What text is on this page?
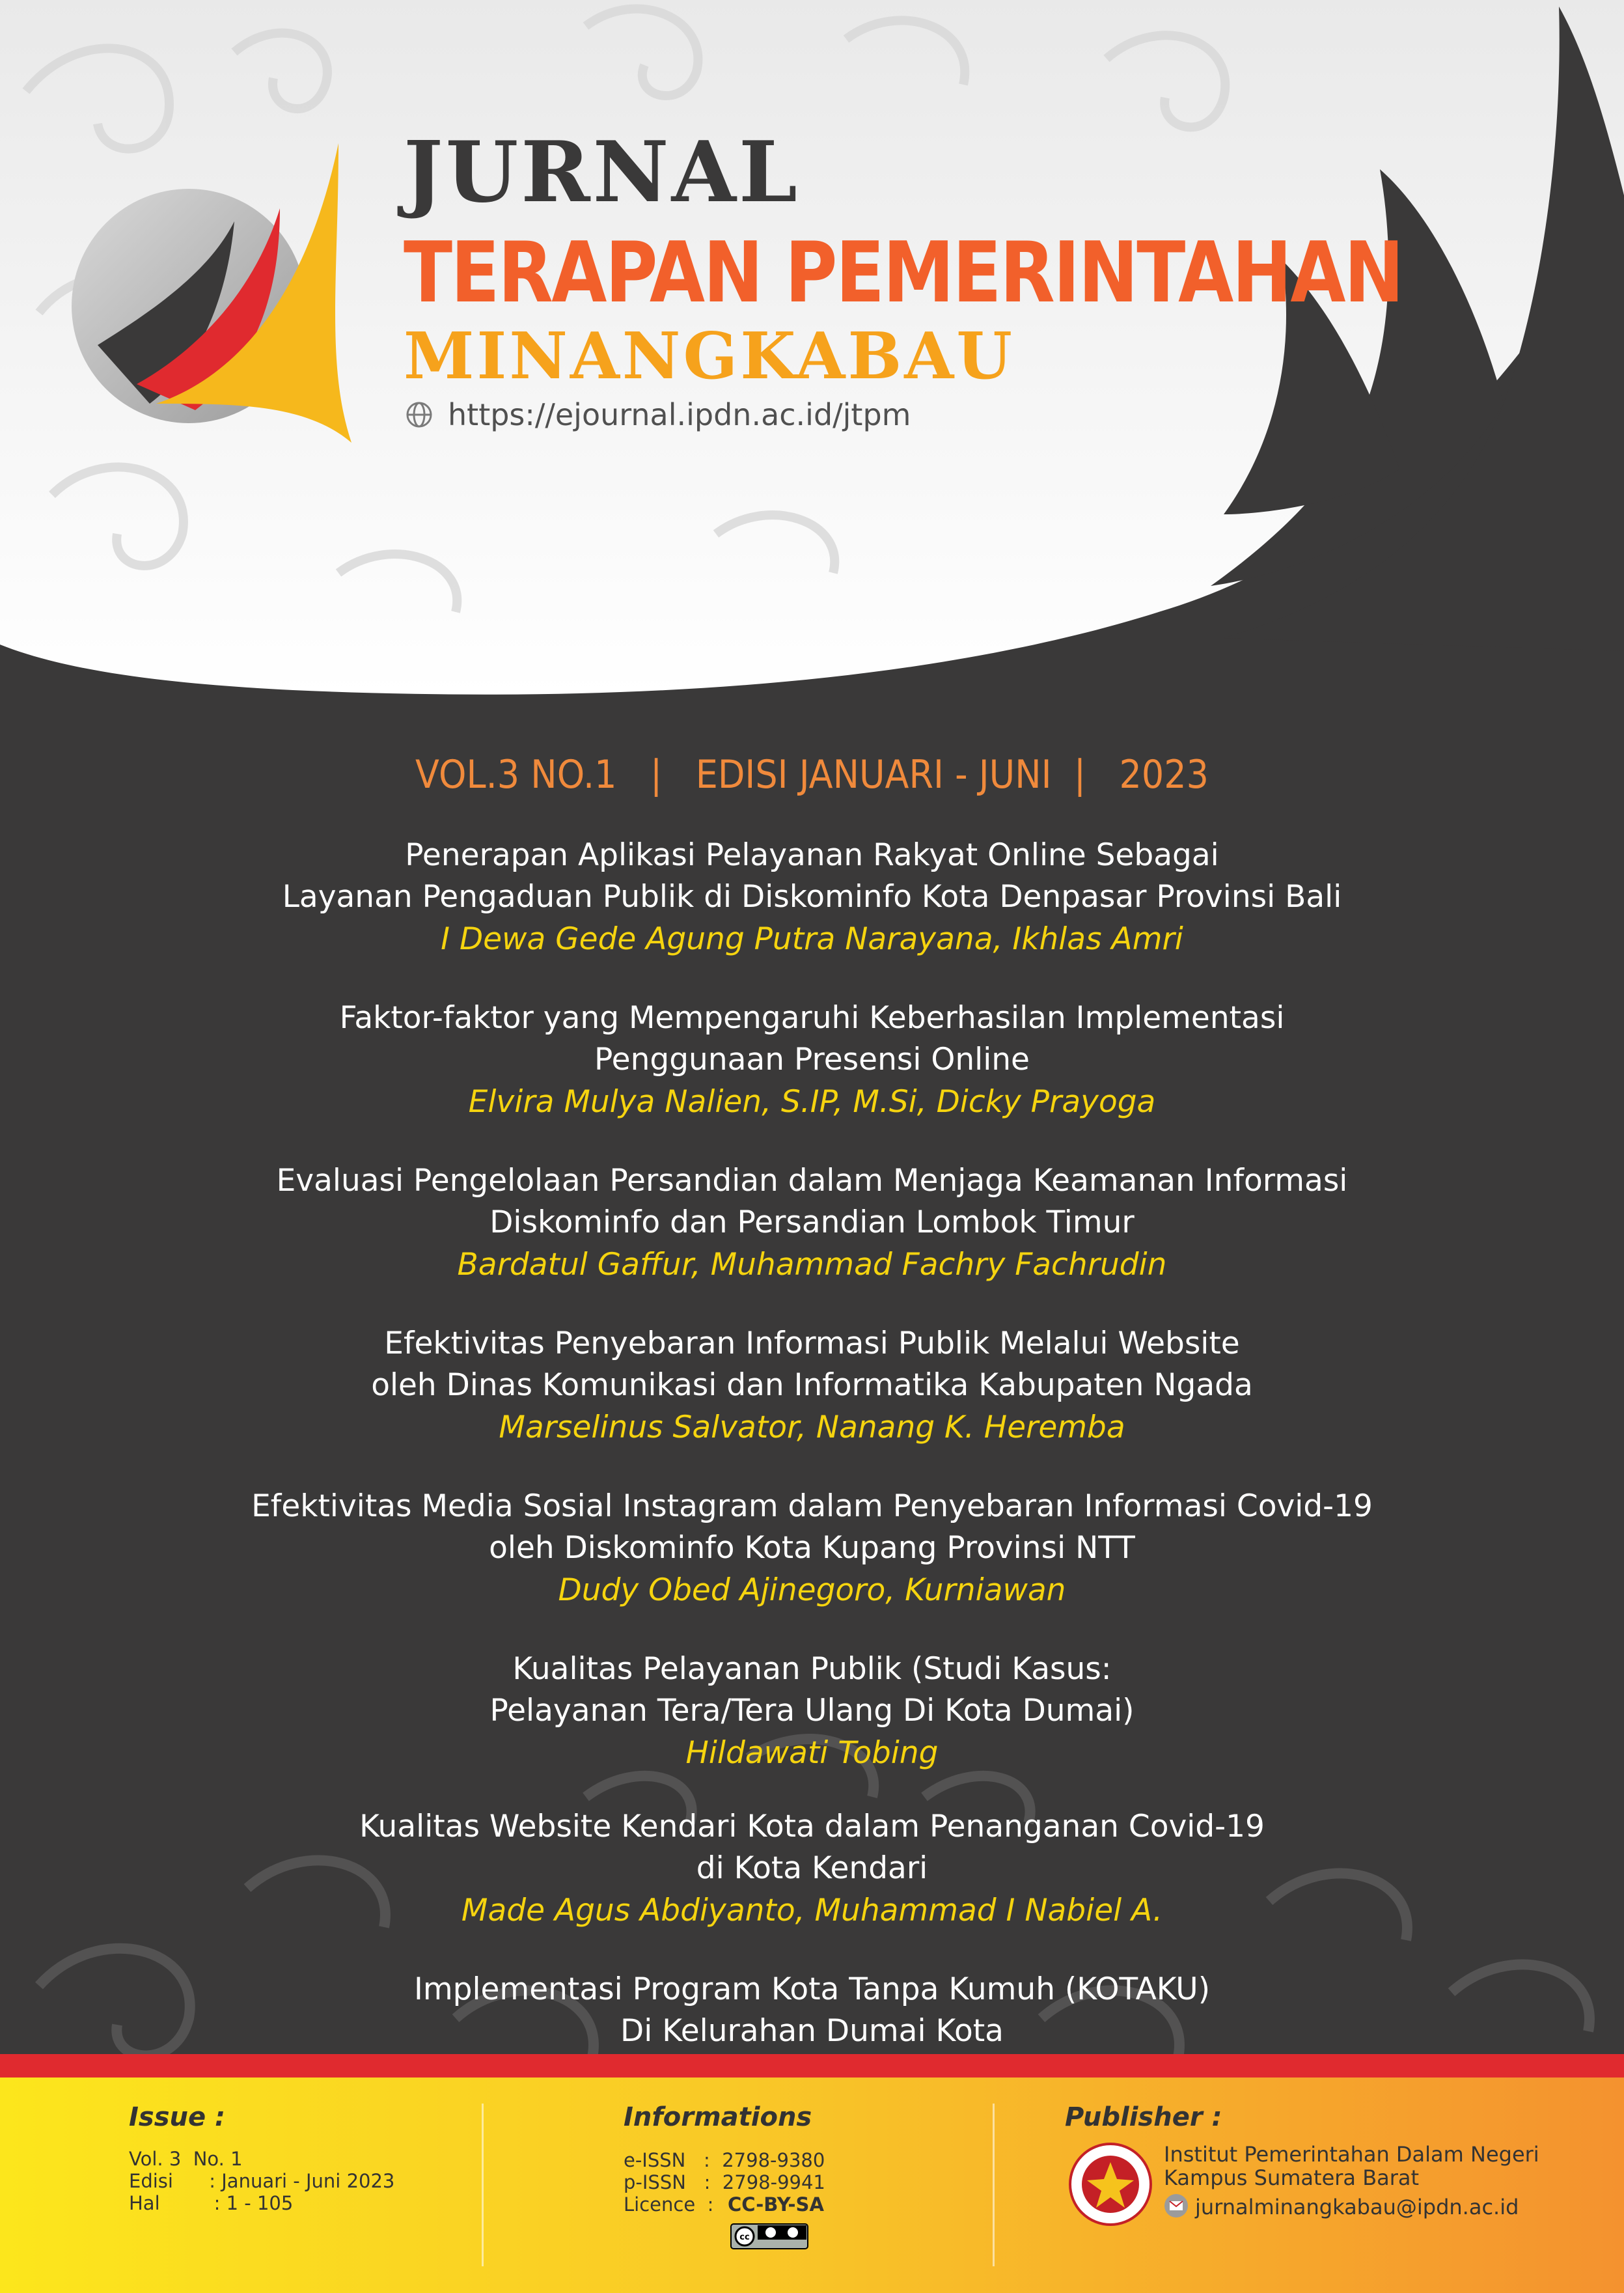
JURNAL
TERAPAN PEMERINTAHAN
MINANGKABAU
https://ejournal.ipdn.ac.id/jtpm
VOL.3 NO.1   |   EDISI JANUARI - JUNI  |   2023
Penerapan Aplikasi Pelayanan Rakyat Online Sebagai
Layanan Pengaduan Publik di Diskominfo Kota Denpasar Provinsi Bali
I Dewa Gede Agung Putra Narayana, Ikhlas Amri
Faktor-faktor yang Mempengaruhi Keberhasilan Implementasi
Penggunaan Presensi Online
Elvira Mulya Nalien, S.IP, M.Si, Dicky Prayoga
Evaluasi Pengelolaan Persandian dalam Menjaga Keamanan Informasi
Diskominfo dan Persandian Lombok Timur
Bardatul Gaffur, Muhammad Fachry Fachrudin
Efektivitas Penyebaran Informasi Publik Melalui Website
oleh Dinas Komunikasi dan Informatika Kabupaten Ngada
Marselinus Salvator, Nanang K. Heremba
Efektivitas Media Sosial Instagram dalam Penyebaran Informasi Covid-19
oleh Diskominfo Kota Kupang Provinsi NTT
Dudy Obed Ajinegoro, Kurniawan
Kualitas Pelayanan Publik (Studi Kasus:
Pelayanan Tera/Tera Ulang Di Kota Dumai)
Hildawati Tobing
Kualitas Website Kendari Kota dalam Penanganan Covid-19
di Kota Kendari
Made Agus Abdiyanto, Muhammad I Nabiel A.
Implementasi Program Kota Tanpa Kumuh (KOTAKU)
Di Kelurahan Dumai Kota
Issue :
Vol. 3  No. 1
Edisi      : Januari - Juni 2023
Hal         : 1 - 105
Informations
e-ISSN   :  2798-9380
p-ISSN   :  2798-9941
Licence  : CC-BY-SA
cc
Publisher :
Institut Pemerintahan Dalam Negeri
Kampus Sumatera Barat
jurnalminangkabau@ipdn.ac.id
